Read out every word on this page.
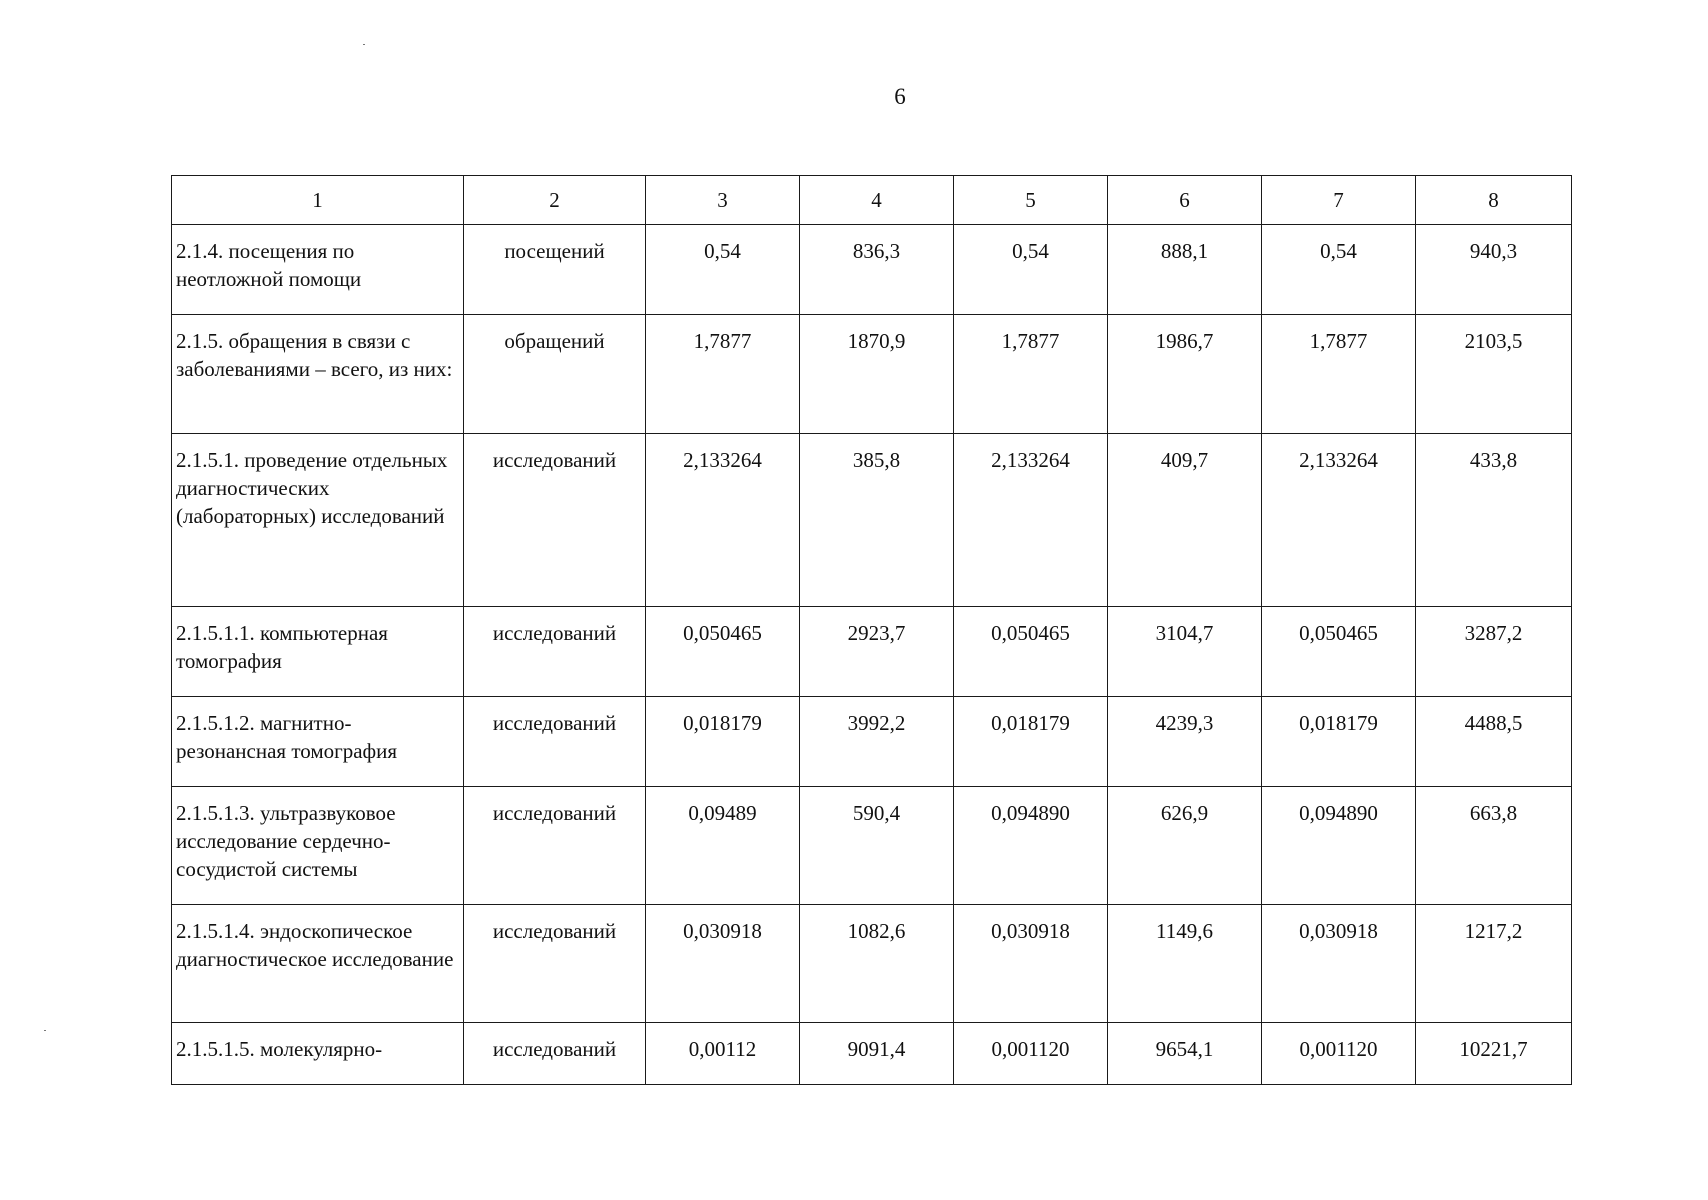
6
1	2	3	4	5	6	7	8
2.1.4. посещения по неотложной помощи	посещений	0,54	836,3	0,54	888,1	0,54	940,3
2.1.5. обращения в связи с заболеваниями – всего, из них:	обращений	1,7877	1870,9	1,7877	1986,7	1,7877	2103,5
2.1.5.1. проведение отдельных диагностических (лабораторных) исследований	исследований	2,133264	385,8	2,133264	409,7	2,133264	433,8
2.1.5.1.1. компьютерная томография	исследований	0,050465	2923,7	0,050465	3104,7	0,050465	3287,2
2.1.5.1.2. магнитно-резонансная томография	исследований	0,018179	3992,2	0,018179	4239,3	0,018179	4488,5
2.1.5.1.3. ультразвуковое исследование сердечно-сосудистой системы	исследований	0,09489	590,4	0,094890	626,9	0,094890	663,8
2.1.5.1.4. эндоскопическое диагностическое исследование	исследований	0,030918	1082,6	0,030918	1149,6	0,030918	1217,2
2.1.5.1.5. молекулярно-	исследований	0,00112	9091,4	0,001120	9654,1	0,001120	10221,7
